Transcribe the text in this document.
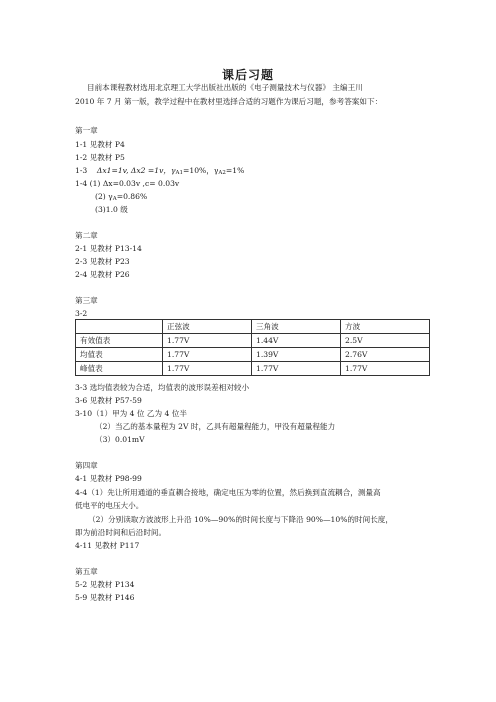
课后习题
目前本课程教材选用北京理工大学出版社出版的《电子测量技术与仪器》 主编王川
2010 年 7 月 第一版，教学过程中在教材里选择合适的习题作为课后习题，参考答案如下：
第一章
1-1 见教材 P4
1-2 见教材 P5
1-3 Δx1=1v, Δx2 =1v，γA1=10%，γA2=1%
1-4 (1) Δx=0.03v ,c= 0.03v
(2) γA=0.86%
(3)1.0 级
第二章
2-1 见教材 P13-14
2-3 见教材 P23
2-4 见教材 P26
第三章
3-2
	正弦波	三角波	方波
有效值表	1.77V	1.44V	2.5V
均值表	1.77V	1.39V	2.76V
峰值表	1.77V	1.77V	1.77V
3-3 选均值表较为合适，均值表的波形误差相对较小
3-6 见教材 P57-59
3-10（1）甲为 4 位 乙为 4 位半
（2）当乙的基本量程为 2V 时，乙具有超量程能力，甲没有超量程能力
（3）0.01mV
第四章
4-1 见教材 P98-99
4-4（1）先让所用通道的垂直耦合接地，确定电压为零的位置，然后换到直流耦合，测量高
低电平的电压大小。
（2）分别读取方波波形上升沿 10%—90%的时间长度与下降沿 90%—10%的时间长度，
即为前沿时间和后沿时间。
4-11 见教材 P117
第五章
5-2 见教材 P134
5-9 见教材 P146
